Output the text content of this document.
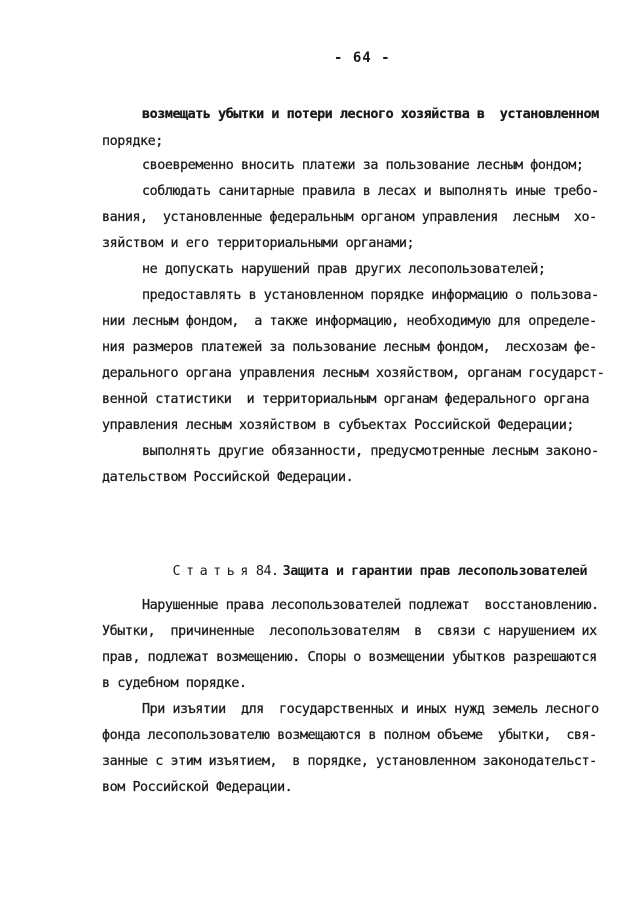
- 64 -
возмещать убытки и потери лесного хозяйства в  установленном
порядке;
своевременно вносить платежи за пользование лесным фондом;
соблюдать санитарные правила в лесах и выполнять иные требо-
вания,  установленные федеральным органом управления  лесным  хо-
зяйством и его территориальными органами;
не допускать нарушений прав других лесопользователей;
предоставлять в установленном порядке информацию о пользова-
нии лесным фондом,  а также информацию, необходимую для определе-
ния размеров платежей за пользование лесным фондом,  лесхозам фе-
дерального органа управления лесным хозяйством, органам государст-
венной статистики  и территориальным органам федерального органа
управления лесным хозяйством в субъектах Российской Федерации;
выполнять другие обязанности, предусмотренные лесным законо-
дательством Российской Федерации.

Статья 84. Защита и гарантии прав лесопользователей

Нарушенные права лесопользователей подлежат  восстановлению.
Убытки,  причиненные  лесопользователям  в  связи с нарушением их
прав, подлежат возмещению. Споры о возмещении убытков разрешаются
в судебном порядке.
При изъятии  для  государственных и иных нужд земель лесного
фонда лесопользователю возмещаются в полном объеме  убытки,  свя-
занные с этим изъятием,  в порядке, установленном законодательст-
вом Российской Федерации.
